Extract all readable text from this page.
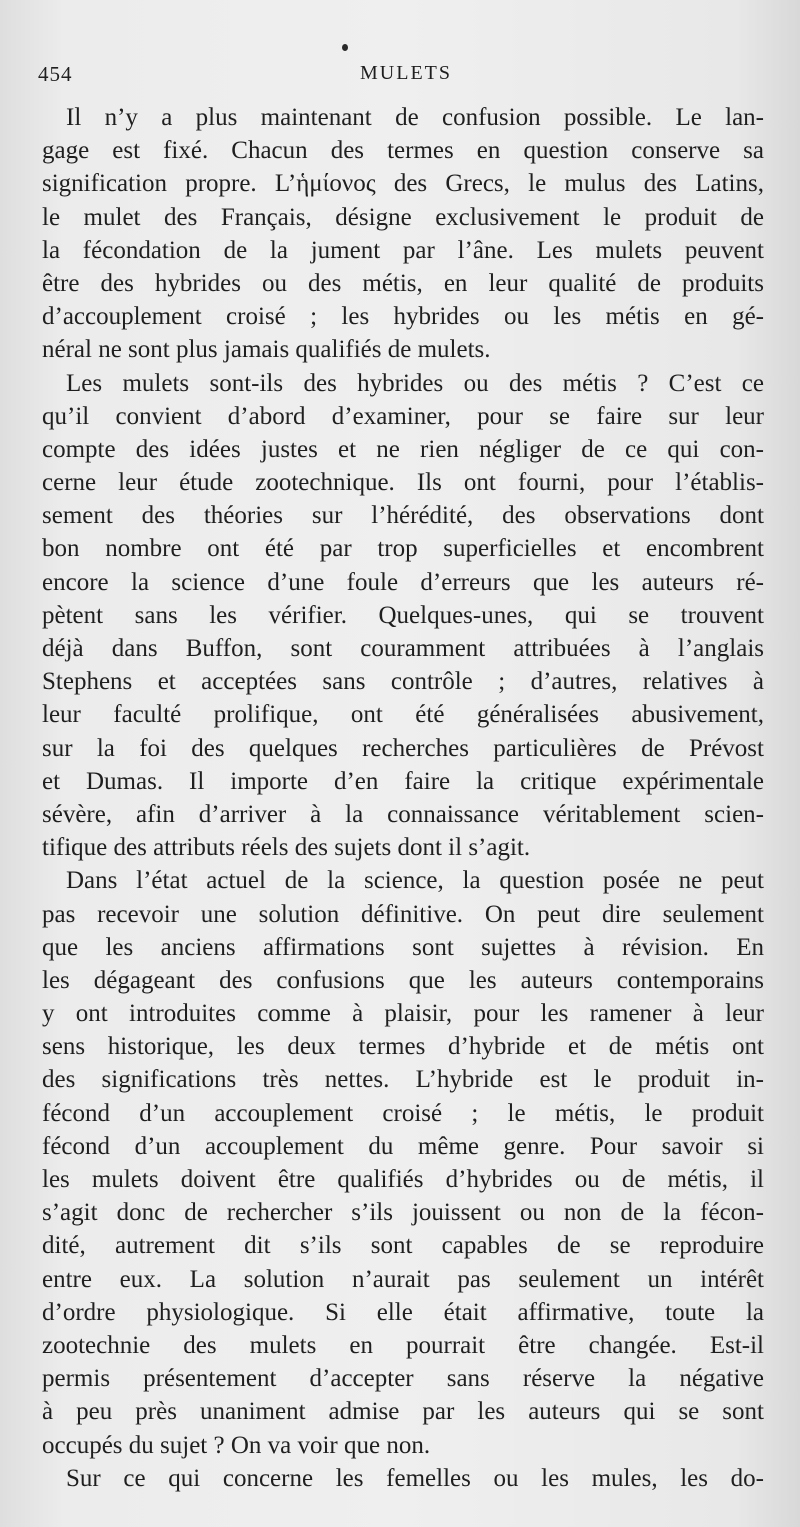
454	MULETS
Il n’y a plus maintenant de confusion possible. Le lan-
gage est fixé. Chacun des termes en question conserve sa
signification propre. L’ἡμίονος des Grecs, le mulus des Latins,
le mulet des Français, désigne exclusivement le produit de
la fécondation de la jument par l’âne. Les mulets peuvent
être des hybrides ou des métis, en leur qualité de produits
d’accouplement croisé ; les hybrides ou les métis en gé-
néral ne sont plus jamais qualifiés de mulets.
Les mulets sont-ils des hybrides ou des métis ? C’est ce
qu’il convient d’abord d’examiner, pour se faire sur leur
compte des idées justes et ne rien négliger de ce qui con-
cerne leur étude zootechnique. Ils ont fourni, pour l’établis-
sement des théories sur l’hérédité, des observations dont
bon nombre ont été par trop superficielles et encombrent
encore la science d’une foule d’erreurs que les auteurs ré-
pètent sans les vérifier. Quelques-unes, qui se trouvent
déjà dans Buffon, sont couramment attribuées à l’anglais
Stephens et acceptées sans contrôle ; d’autres, relatives à
leur faculté prolifique, ont été généralisées abusivement,
sur la foi des quelques recherches particulières de Prévost
et Dumas. Il importe d’en faire la critique expérimentale
sévère, afin d’arriver à la connaissance véritablement scien-
tifique des attributs réels des sujets dont il s’agit.
Dans l’état actuel de la science, la question posée ne peut
pas recevoir une solution définitive. On peut dire seulement
que les anciens affirmations sont sujettes à révision. En
les dégageant des confusions que les auteurs contemporains
y ont introduites comme à plaisir, pour les ramener à leur
sens historique, les deux termes d’hybride et de métis ont
des significations très nettes. L’hybride est le produit in-
fécond d’un accouplement croisé ; le métis, le produit
fécond d’un accouplement du même genre. Pour savoir si
les mulets doivent être qualifiés d’hybrides ou de métis, il
s’agit donc de rechercher s’ils jouissent ou non de la fécon-
dité, autrement dit s’ils sont capables de se reproduire
entre eux. La solution n’aurait pas seulement un intérêt
d’ordre physiologique. Si elle était affirmative, toute la
zootechnie des mulets en pourrait être changée. Est-il
permis présentement d’accepter sans réserve la négative
à peu près unaniment admise par les auteurs qui se sont
occupés du sujet ? On va voir que non.
Sur ce qui concerne les femelles ou les mules, les do-
